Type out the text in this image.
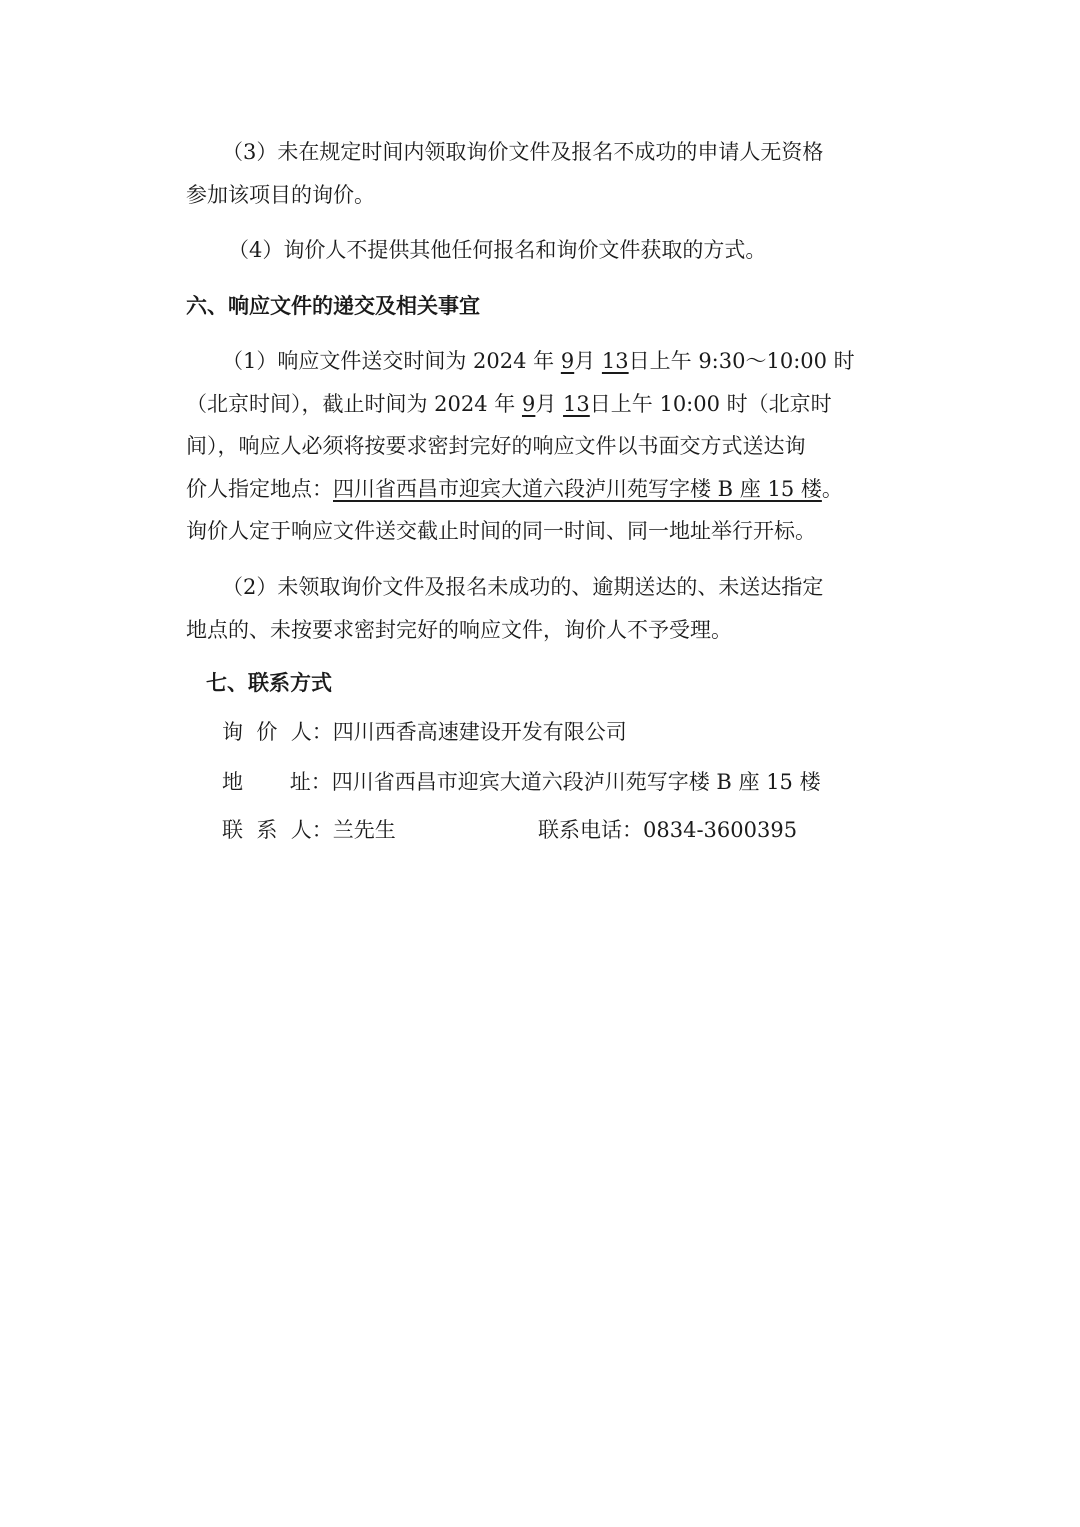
（3）未在规定时间内领取询价文件及报名不成功的申请人无资格
参加该项目的询价。
（4）询价人不提供其他任何报名和询价文件获取的方式。
六、响应文件的递交及相关事宜
（1）响应文件送交时间为 2024 年 9月 13日上午 9:30～10:00 时
（北京时间），截止时间为 2024 年 9月 13日上午 10:00 时（北京时
间），响应人必须将按要求密封完好的响应文件以书面交方式送达询
价人指定地点：四川省西昌市迎宾大道六段泸川苑写字楼 B 座 15 楼。
询价人定于响应文件送交截止时间的同一时间、同一地址举行开标。
（2）未领取询价文件及报名未成功的、逾期送达的、未送达指定
地点的、未按要求密封完好的响应文件，询价人不予受理。
七、联系方式
询  价  人：四川西香高速建设开发有限公司
地       址：四川省西昌市迎宾大道六段泸川苑写字楼 B 座 15 楼
联  系  人：兰先生	联系电话：0834-3600395
